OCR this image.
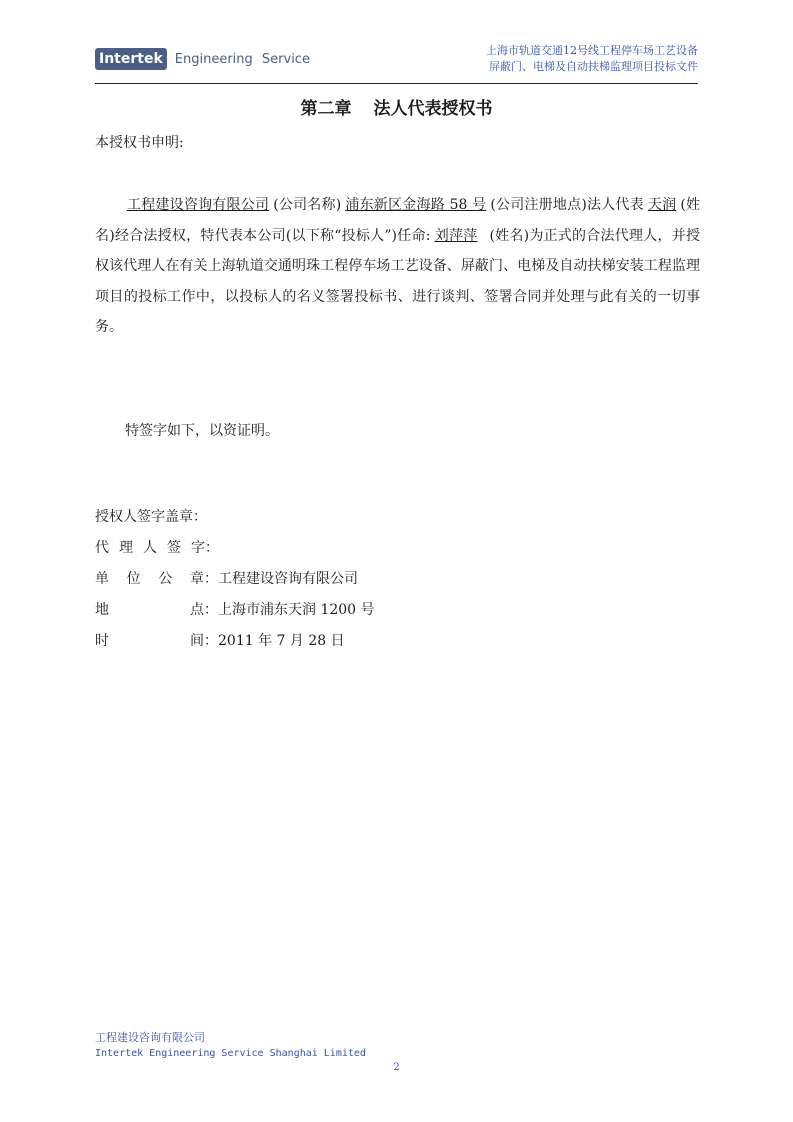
Intertek Engineering Service
上海市轨道交通12号线工程停车场工艺设备
屏蔽门、电梯及自动扶梯监理项目投标文件
第二章 法人代表授权书
本授权书申明:
工程建设咨询有限公司 (公司名称) 浦东新区金海路 58 号 (公司注册地点)法人代表 天润 (姓名)经合法授权，特代表本公司(以下称“投标人”)任命: 刘萍萍 (姓名)为正式的合法代理人，并授权该代理人在有关上海轨道交通明珠工程停车场工艺设备、屏蔽门、电梯及自动扶梯安装工程监理项目的投标工作中，以投标人的名义签署投标书、进行谈判、签署合同并处理与此有关的一切事务。
特签字如下，以资证明。
授权人签字盖章：
代 理 人 签 字 ：
单 位 公 章 ：工程建设咨询有限公司
地	点 ：上海市浦东天润 1200 号
时	间 ：2011 年 7 月 28 日
工程建设咨询有限公司
Intertek Engineering Service Shanghai Limited
2
